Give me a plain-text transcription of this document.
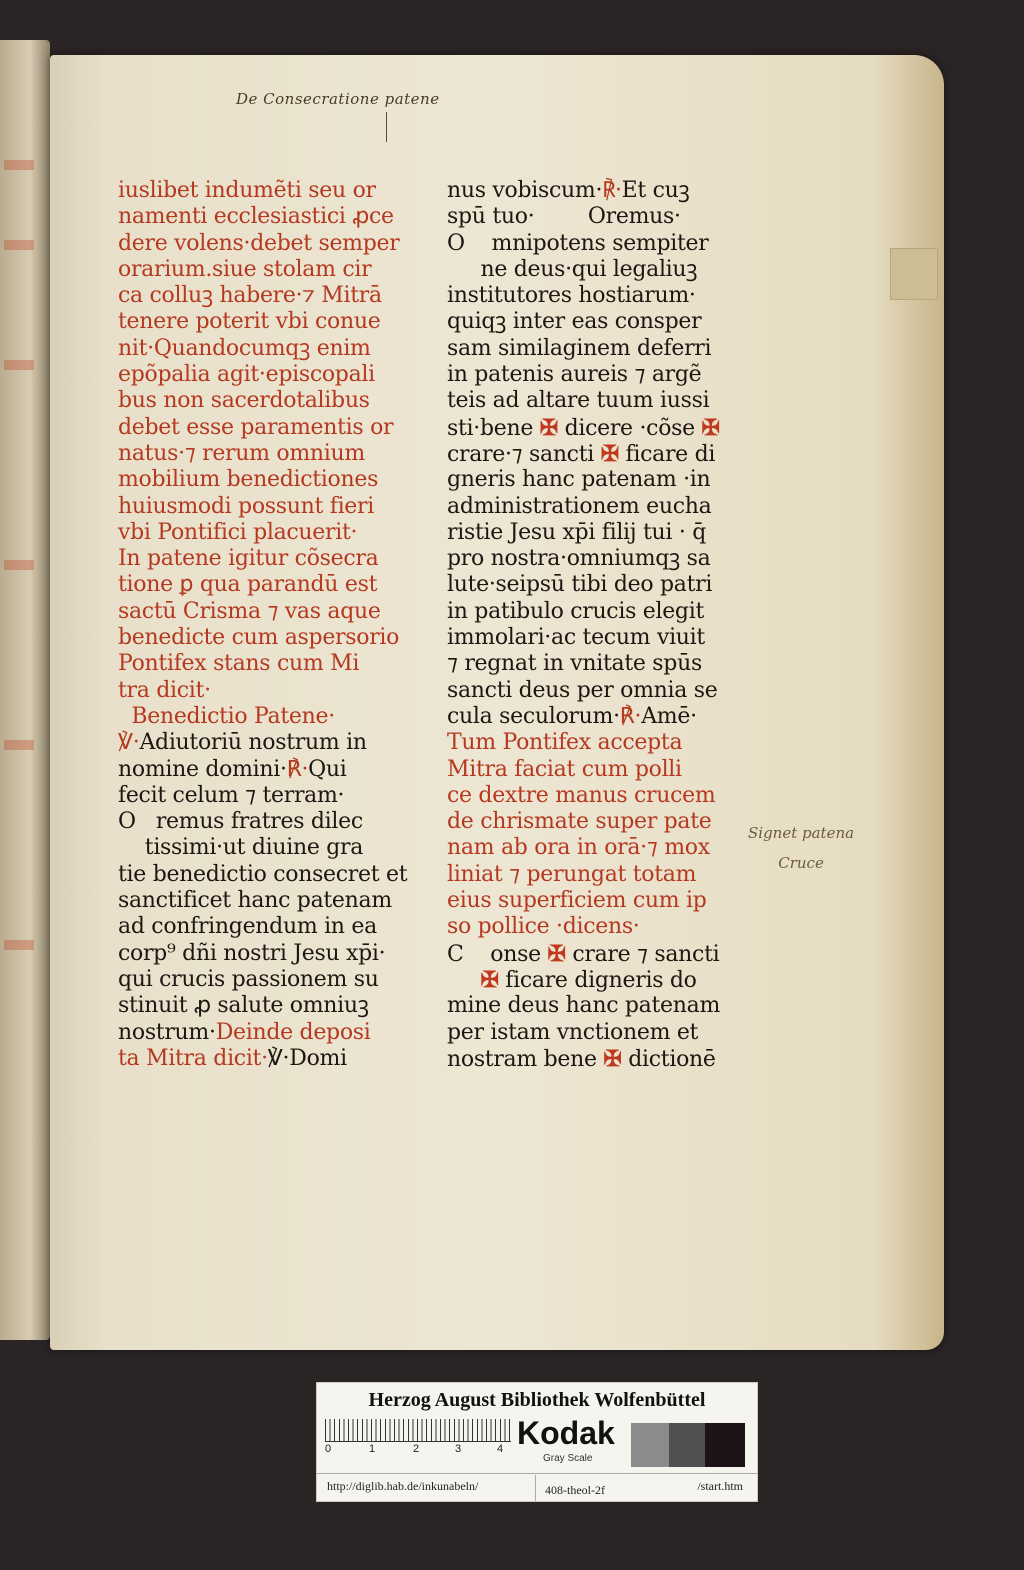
De Consecratione patene
iuslibet indumẽti seu or
namenti ecclesiastici ꝓce
dere volens·debet semper
orarium.siue stolam cir
ca colluꝫ habere·⁊ Mitrā
tenere poterit vbi conue
nit·Quandocumqꝫ enim
epõpalia agit·episcopali
bus non sacerdotalibus
debet esse paramentis or
natus·⁊ rerum omnium
mobilium benedictiones
huiusmodi possunt fieri
vbi Pontifici placuerit·
In patene igitur cõsecra
tione ꝑ qua parandū est
sactū Crisma ⁊ vas aque
benedicte cum aspersorio
Pontifex stans cum Mi
tra dicit·
Benedictio Patene·
℣·Adiutoriū nostrum in
nomine domini·℟·Qui
fecit celum ⁊ terram·
O   remus fratres dilec
tissimi·ut diuine gra
tie benedictio consecret et
sanctificet hanc patenam
ad confringendum in ea
corp⁹ dñi nostri Jesu xp̄i·
qui crucis passionem su
stinuit ꝓ salute omniuꝫ
nostrum·Deinde deposi
ta Mitra dicit·℣·Domi
nus vobiscum·℟·Et cuꝫ
spū tuo·        Oremus·
O    mnipotens sempiter
ne deus·qui legaliuꝫ
institutores hostiarum·
quiqꝫ inter eas consper
sam similaginem deferri
in patenis aureis ⁊ argẽ
teis ad altare tuum iussi
sti·bene ✠ dicere ·cõse ✠
crare·⁊ sancti ✠ ficare di
gneris hanc patenam ·in
administrationem eucha
ristie Jesu xp̄i filij tui · q̄
pro nostra·omniumqꝫ sa
lute·seipsū tibi deo patri
in patibulo crucis elegit
immolari·ac tecum viuit
⁊ regnat in vnitate spūs
sancti deus per omnia se
cula seculorum·℟·Amē·
Tum Pontifex accepta
Mitra faciat cum polli
ce dextre manus crucem
de chrismate super pate
nam ab ora in orā·⁊ mox
liniat ⁊ perungat totam
eius superficiem cum ip
so pollice ·dicens·
C    onse ✠ crare ⁊ sancti
✠ ficare digneris do
mine deus hanc patenam
per istam vnctionem et
nostram bene ✠ dictionē
Signet patena
Cruce
Herzog August Bibliothek Wolfenbüttel
0	1	2	3	4 Kodak
Gray Scale
http://diglib.hab.de/inkunabeln/	408-theol-2f	/start.htm
